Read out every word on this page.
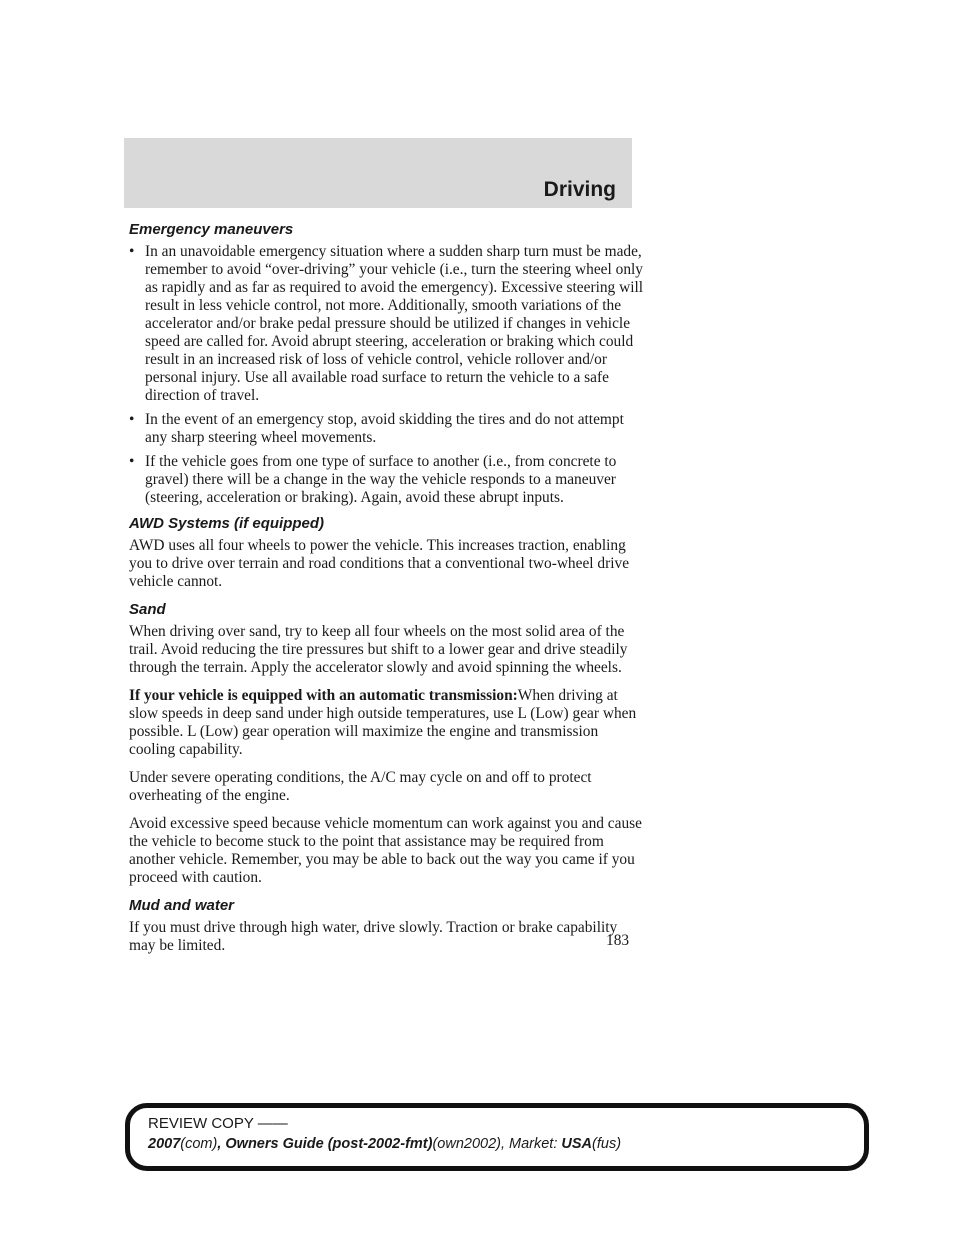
Driving
Emergency maneuvers
• In an unavoidable emergency situation where a sudden sharp turn must be made, remember to avoid “over-driving” your vehicle (i.e., turn the steering wheel only as rapidly and as far as required to avoid the emergency). Excessive steering will result in less vehicle control, not more. Additionally, smooth variations of the accelerator and/or brake pedal pressure should be utilized if changes in vehicle speed are called for. Avoid abrupt steering, acceleration or braking which could result in an increased risk of loss of vehicle control, vehicle rollover and/or personal injury. Use all available road surface to return the vehicle to a safe direction of travel.
• In the event of an emergency stop, avoid skidding the tires and do not attempt any sharp steering wheel movements.
• If the vehicle goes from one type of surface to another (i.e., from concrete to gravel) there will be a change in the way the vehicle responds to a maneuver (steering, acceleration or braking). Again, avoid these abrupt inputs.
AWD Systems (if equipped)

AWD uses all four wheels to power the vehicle. This increases traction, enabling you to drive over terrain and road conditions that a conventional two-wheel drive vehicle cannot.

Sand

When driving over sand, try to keep all four wheels on the most solid area of the trail. Avoid reducing the tire pressures but shift to a lower gear and drive steadily through the terrain. Apply the accelerator slowly and avoid spinning the wheels.

If your vehicle is equipped with an automatic transmission:When driving at slow speeds in deep sand under high outside temperatures, use L (Low) gear when possible. L (Low) gear operation will maximize the engine and transmission cooling capability.

Under severe operating conditions, the A/C may cycle on and off to protect overheating of the engine.

Avoid excessive speed because vehicle momentum can work against you and cause the vehicle to become stuck to the point that assistance may be required from another vehicle. Remember, you may be able to back out the way you came if you proceed with caution.

Mud and water

If you must drive through high water, drive slowly. Traction or brake capability may be limited.	183
REVIEW COPY ——
2007(com), Owners Guide (post-2002-fmt)(own2002), Market: USA(fus)
